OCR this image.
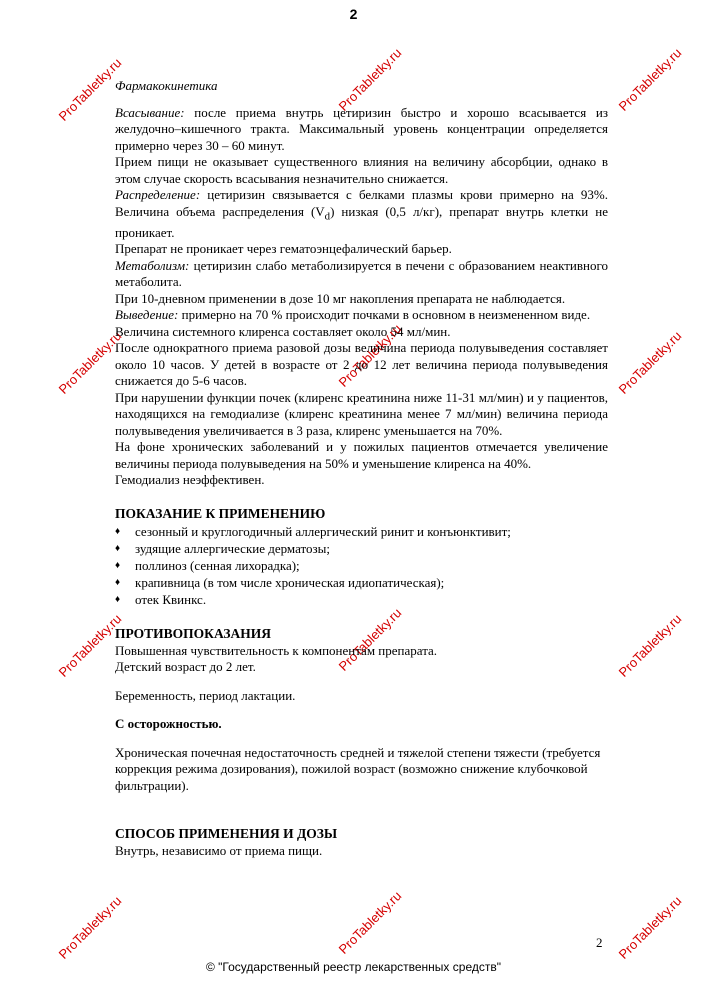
2
ProTabletky.ru	ProTabletky.ru	ProTabletky.ru
ProTabletky.ru	ProTabletky.ru	ProTabletky.ru
ProTabletky.ru	ProTabletky.ru	ProTabletky.ru
ProTabletky.ru	ProTabletky.ru	ProTabletky.ru

Фармакокинетика

Всасывание: после приема внутрь цетиризин быстро и хорошо всасывается из желудочно–кишечного тракта. Максимальный уровень концентрации определяется примерно через 30 – 60 минут.

Прием пищи не оказывает существенного влияния на величину абсорбции, однако в этом случае скорость всасывания незначительно снижается.

Распределение: цетиризин связывается с белками плазмы крови примерно на 93%. Величина объема распределения $(V_d)$ низкая (0,5 л/кг), препарат внутрь клетки не проникает.

Препарат не проникает через гематоэнцефалический барьер.

Метаболизм: цетиризин слабо метаболизируется в печени с образованием неактивного метаболита.

При 10-дневном применении в дозе 10 мг накопления препарата не наблюдается.

Выведение: примерно на 70 % происходит почками в основном в неизмененном виде.

Величина системного клиренса составляет около 54 мл/мин.

После однократного приема разовой дозы величина периода полувыведения составляет около 10 часов. У детей в возрасте от 2 до 12 лет величина периода полувыведения снижается до 5-6 часов.

При нарушении функции почек (клиренс креатинина ниже 11-31 мл/мин) и у пациентов, находящихся на гемодиализе (клиренс креатинина менее 7 мл/мин) величина периода полувыведения увеличивается в 3 раза, клиренс уменьшается на 70%.

На фоне хронических заболеваний и у пожилых пациентов отмечается увеличение величины периода полувыведения на 50% и уменьшение клиренса на 40%.

Гемодиализ неэффективен.

ПОКАЗАНИЕ К ПРИМЕНЕНИЮ

♦ сезонный и круглогодичный аллергический ринит и конъюнктивит;
♦ зудящие аллергические дерматозы;
♦ поллиноз (сенная лихорадка);
♦ крапивница (в том числе хроническая идиопатическая);
♦ отек Квинкс.

ПРОТИВОПОКАЗАНИЯ

Повышенная чувствительность к компонентам препарата.

Детский возраст до 2 лет.

Беременность, период лактации.

С осторожностью.

Хроническая почечная недостаточность средней и тяжелой степени тяжести (требуется коррекция режима дозирования), пожилой возраст (возможно снижение клубочковой фильтрации).

СПОСОБ ПРИМЕНЕНИЯ И ДОЗЫ

Внутрь, независимо от приема пищи.

2
© "Государственный реестр лекарственных средств"
